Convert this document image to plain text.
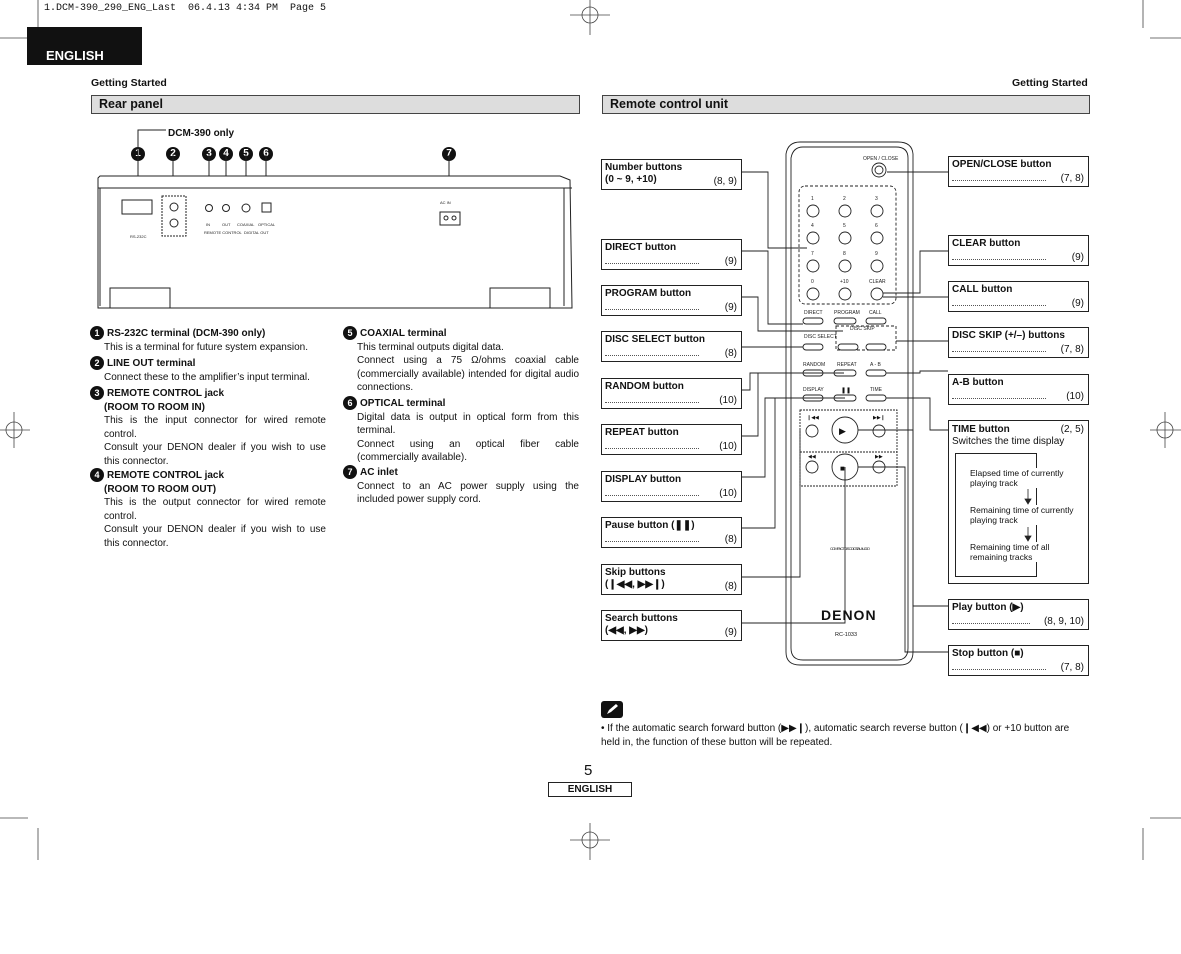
1.DCM-390_290_ENG_Last  06.4.13 4:34 PM  Page 5
ENGLISH
Getting Started	Getting Started
Rear panel	Remote control unit
DCM-390 only
1	2	3	4	5	6	7
RS-232C
IN	OUT COAXIAL OPTICAL
AC IN
REMOTE CONTROL DIGITAL OUT
1 RS-232C terminal (DCM-390 only)
This is a terminal for future system expansion.
2 LINE OUT terminal
Connect these to the amplifier’s input terminal.
3 REMOTE CONTROL jack
(ROOM TO ROOM IN)
This is the input connector for wired remote control.
Consult your DENON dealer if you wish to use this connector.
4 REMOTE CONTROL jack
(ROOM TO ROOM OUT)
This is the output connector for wired remote control.
Consult your DENON dealer if you wish to use this connector.
5 COAXIAL terminal
This terminal outputs digital data.
Connect using a 75 Ω/ohms coaxial cable (commercially available) intended for digital audio connections.
6 OPTICAL terminal
Digital data is output in optical form from this terminal.
Connect using an optical fiber cable (commercially available).
7 AC inlet
Connect to an AC power supply using the included power supply cord.
OPEN / CLOSE
1	2	3
4	5	6
7	8	9
0	+10	CLEAR
DIRECT PROGRAM CALL
DISC SELECT
DISC SKIP
RANDOM REPEAT	A - B
DISPLAY	TIME
▶
■
❚❚
❙◀◀	▶▶❙
◀◀	▶▶
COMPACT DISC DIGITAL AUDIO
DENON
RC-1033
Number buttons
(0 ~ 9, +10)	(8, 9)
DIRECT button
(9)
PROGRAM button
(9)
DISC SELECT button
(8)
RANDOM button
(10)
REPEAT button
(10)
DISPLAY button
(10)
Pause button (❚❚)
(8)
Skip buttons
(❙◀◀, ▶▶❙)	(8)
Search buttons
(◀◀, ▶▶)	(9)
OPEN/CLOSE button
(7, 8)
CLEAR button
(9)
CALL button
(9)
DISC SKIP (+/–) buttons
(7, 8)
A-B button
(10)
TIME button	(2, 5)
Switches the time display
Elapsed time of currently playing track
Remaining time of currently playing track
Remaining time of all remaining tracks
Play button (▶)
(8, 9, 10)
Stop button (■)
(7, 8)
• If the automatic search forward button (▶▶❙), automatic search reverse button (❙◀◀) or +10 button are held in, the function of these button will be repeated.
5
ENGLISH
